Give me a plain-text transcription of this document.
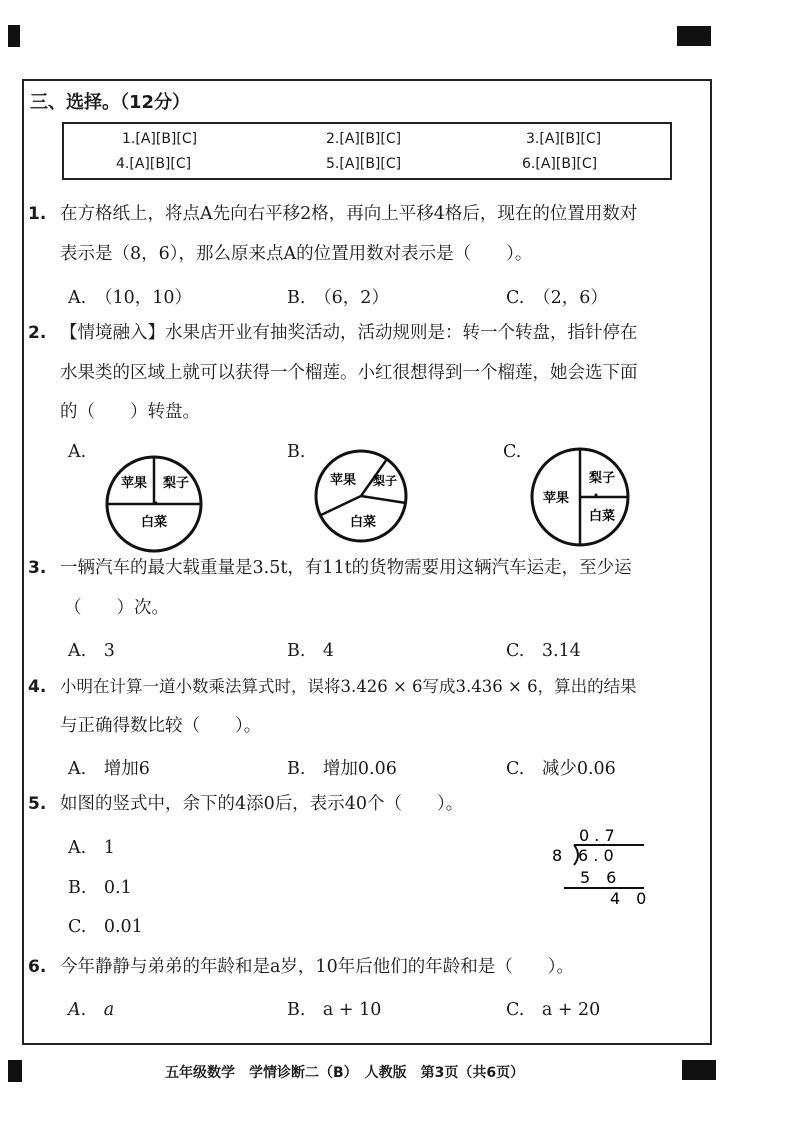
三、选择。（12分）
1.[A][B][C]	2.[A][B][C]	3.[A][B][C]
4.[A][B][C]	5.[A][B][C]	6.[A][B][C]
1. 在方格纸上，将点A先向右平移2格，再向上平移4格后，现在的位置用数对
表示是（8，6），那么原来点A的位置用数对表示是（　　）。
A.　（10，10）	B.　（6，2）	C.　（2，6）
2. 【情境融入】水果店开业有抽奖活动，活动规则是：转一个转盘，指针停在
水果类的区域上就可以获得一个榴莲。小红很想得到一个榴莲，她会选下面
的（　　）转盘。
A.	B.	C.
苹果 梨子
白菜
苹果 梨子
白菜
苹果
梨子
白菜
3. 一辆汽车的最大载重量是3.5t，有11t的货物需要用这辆汽车运走，至少运
（　　）次。
A.　3	B.　4	C.　3.14
4. 小明在计算一道小数乘法算式时，误将3.426 × 6写成3.436 × 6，算出的结果
与正确得数比较（　　）。
A.　增加6	B.　增加0.06	C.　减少0.06
5. 如图的竖式中，余下的4添0后，表示40个（　　）。
A.　1
B.　0.1
C.　0.01
0 . 7
8 6 . 0
5　6
4　0
6. 今年静静与弟弟的年龄和是a岁，10年后他们的年龄和是（　　）。
A.　a	B.　a + 10	C.　a + 20
五年级数学　学情诊断二（B）　人教版　第3页（共6页）
